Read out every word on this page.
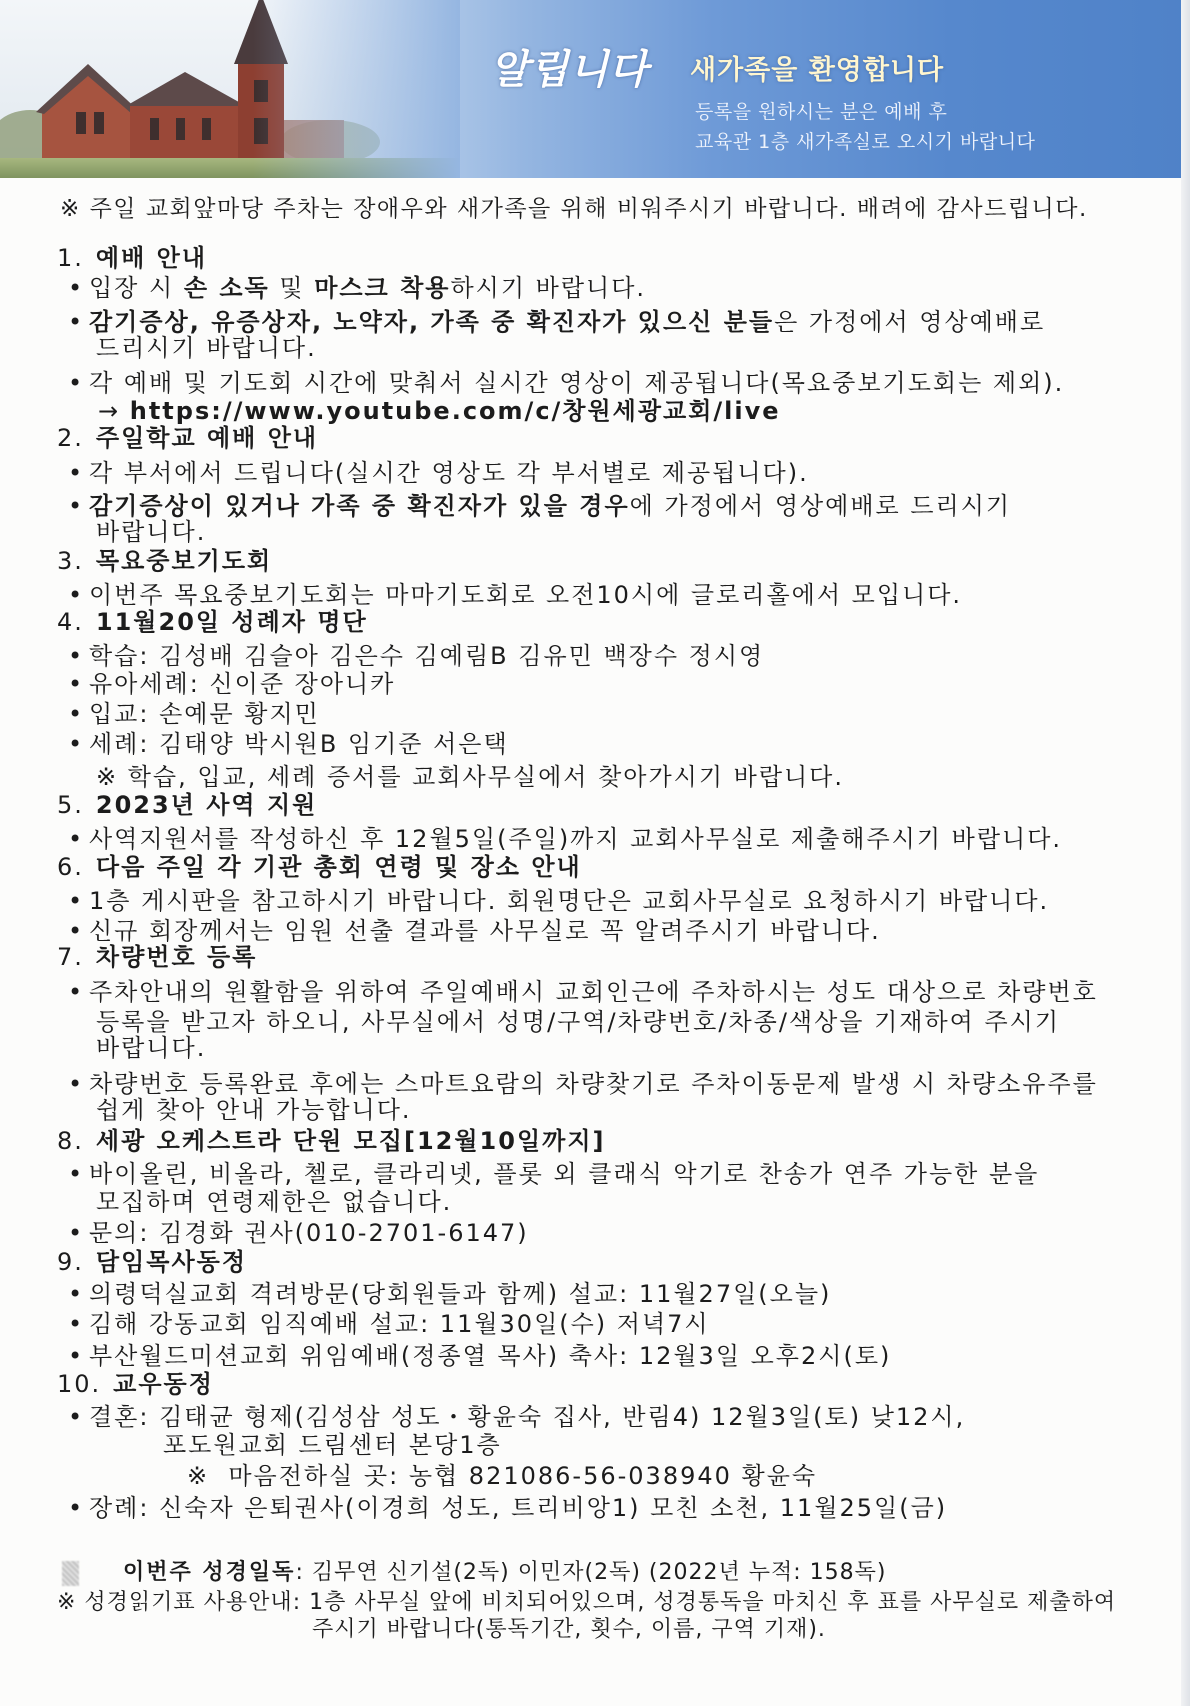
알립니다 새가족을 환영합니다
등록을 원하시는 분은 예배 후
교육관 1층 새가족실로 오시기 바랍니다
※ 주일 교회앞마당 주차는 장애우와 새가족을 위해 비워주시기 바랍니다. 배려에 감사드립니다.
1. 예배 안내
• 입장 시 손 소독 및 마스크 착용하시기 바랍니다.
• 감기증상, 유증상자, 노약자, 가족 중 확진자가 있으신 분들은 가정에서 영상예배로
드리시기 바랍니다.
• 각 예배 및 기도회 시간에 맞춰서 실시간 영상이 제공됩니다(목요중보기도회는 제외).
→ https://www.youtube.com/c/창원세광교회/live
2. 주일학교 예배 안내
• 각 부서에서 드립니다(실시간 영상도 각 부서별로 제공됩니다).
• 감기증상이 있거나 가족 중 확진자가 있을 경우에 가정에서 영상예배로 드리시기
바랍니다.
3. 목요중보기도회
• 이번주 목요중보기도회는 마마기도회로 오전10시에 글로리홀에서 모입니다.
4. 11월20일 성례자 명단
• 학습: 김성배 김슬아 김은수 김예림B 김유민 백장수 정시영
• 유아세례: 신이준 장아니카
• 입교: 손예문 황지민
• 세례: 김태양 박시원B 임기준 서은택
※ 학습, 입교, 세례 증서를 교회사무실에서 찾아가시기 바랍니다.
5. 2023년 사역 지원
• 사역지원서를 작성하신 후 12월5일(주일)까지 교회사무실로 제출해주시기 바랍니다.
6. 다음 주일 각 기관 총회 연령 및 장소 안내
• 1층 게시판을 참고하시기 바랍니다. 회원명단은 교회사무실로 요청하시기 바랍니다.
• 신규 회장께서는 임원 선출 결과를 사무실로 꼭 알려주시기 바랍니다.
7. 차량번호 등록
• 주차안내의 원활함을 위하여 주일예배시 교회인근에 주차하시는 성도 대상으로 차량번호
등록을 받고자 하오니, 사무실에서 성명/구역/차량번호/차종/색상을 기재하여 주시기
바랍니다.
• 차량번호 등록완료 후에는 스마트요람의 차량찾기로 주차이동문제 발생 시 차량소유주를
쉽게 찾아 안내 가능합니다.
8. 세광 오케스트라 단원 모집[12월10일까지]
• 바이올린, 비올라, 첼로, 클라리넷, 플롯 외 클래식 악기로 찬송가 연주 가능한 분을
모집하며 연령제한은 없습니다.
• 문의: 김경화 권사(010-2701-6147)
9. 담임목사동정
• 의령덕실교회 격려방문(당회원들과 함께) 설교: 11월27일(오늘)
• 김해 강동교회 임직예배 설교: 11월30일(수) 저녁7시
• 부산월드미션교회 위임예배(정종열 목사) 축사: 12월3일 오후2시(토)
10. 교우동정
• 결혼: 김태균 형제(김성삼 성도・황윤숙 집사, 반림4) 12월3일(토) 낮12시,
포도원교회 드림센터 본당1층
※  마음전하실 곳: 농협 821086-56-038940 황윤숙
• 장례: 신숙자 은퇴권사(이경희 성도, 트리비앙1) 모친 소천, 11월25일(금)
이번주 성경일독: 김무연 신기설(2독) 이민자(2독) (2022년 누적: 158독)
※ 성경읽기표 사용안내: 1층 사무실 앞에 비치되어있으며, 성경통독을 마치신 후 표를 사무실로 제출하여
주시기 바랍니다(통독기간, 횟수, 이름, 구역 기재).
